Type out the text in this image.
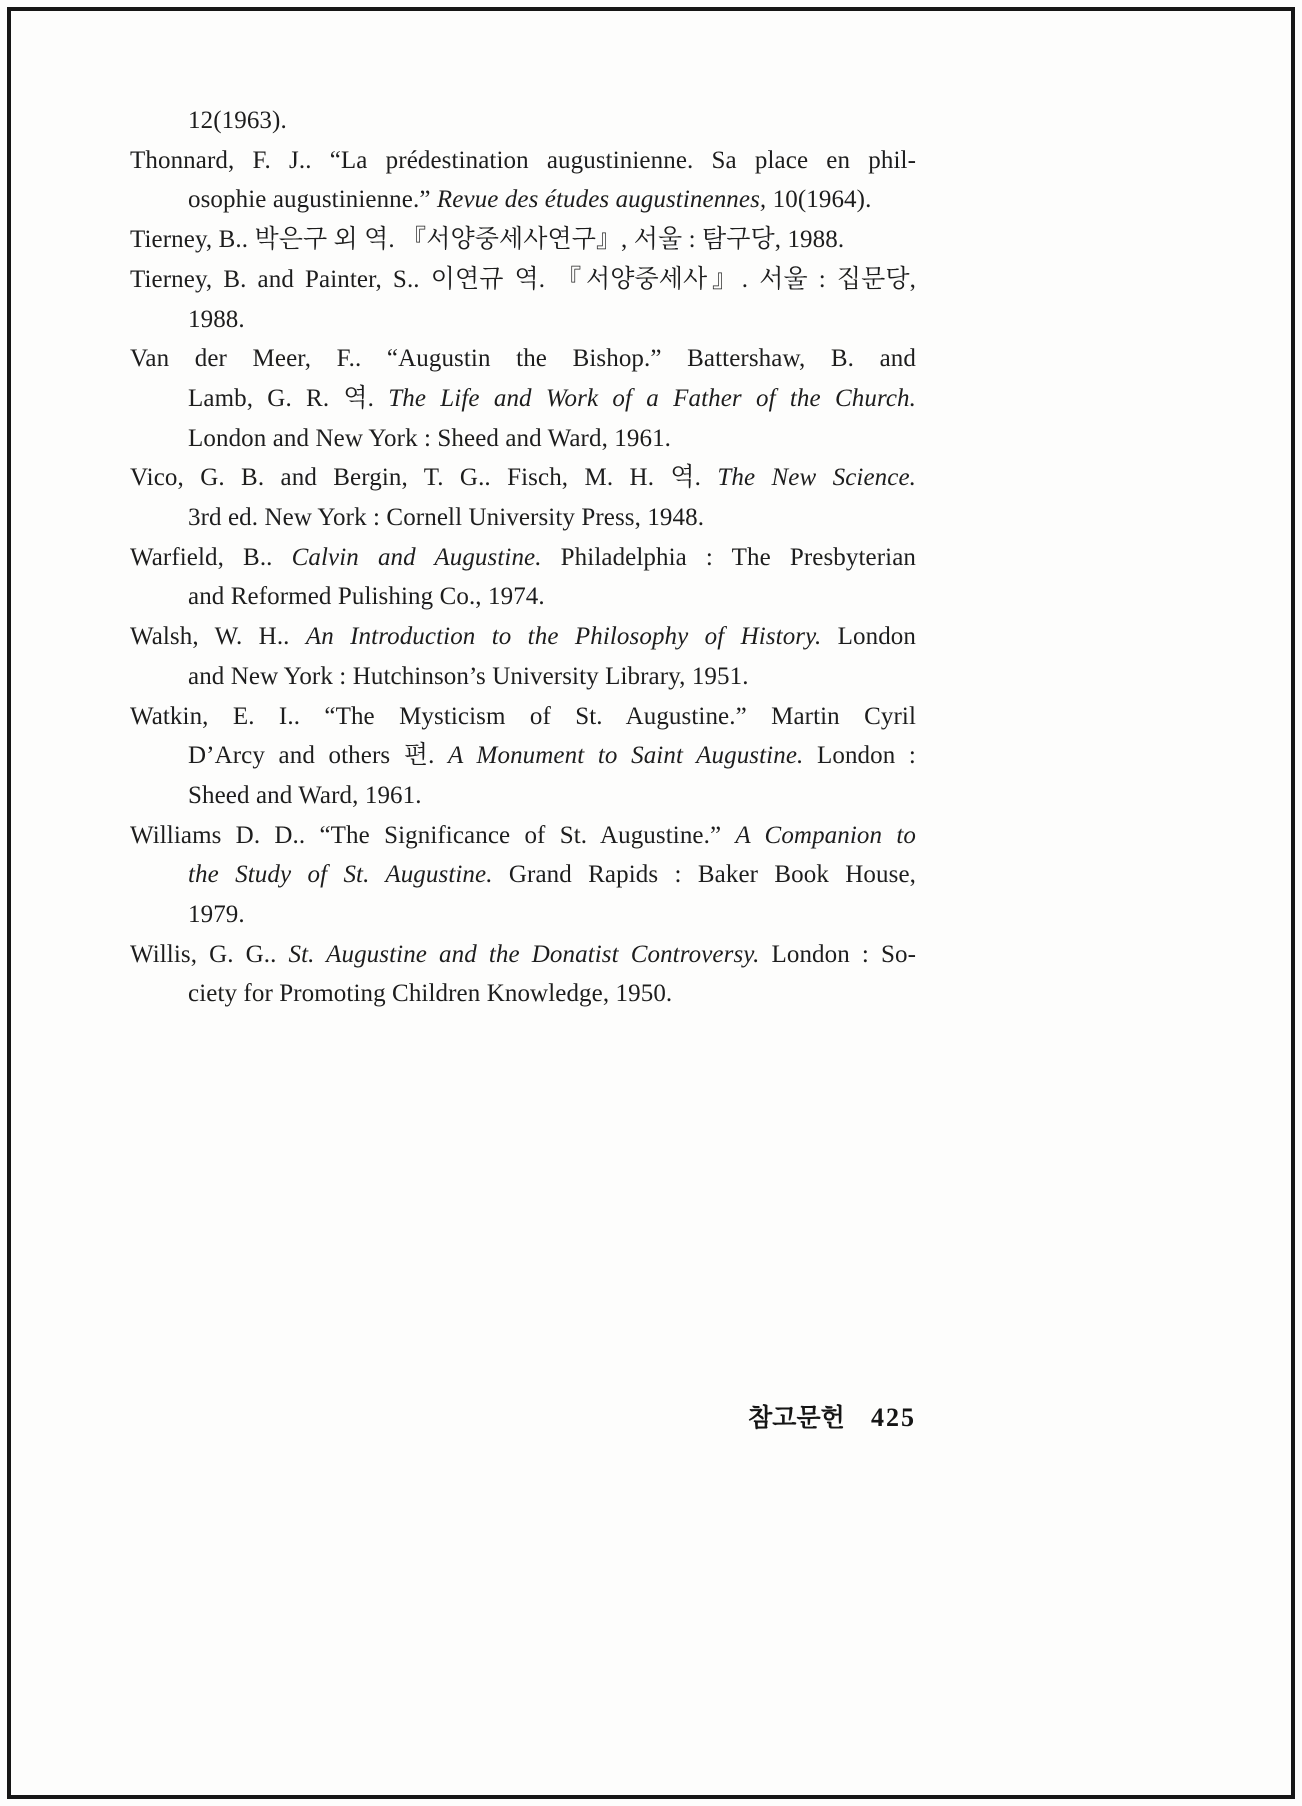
12(1963).
Thonnard, F. J.. “La prédestination augustinienne. Sa place en phil-
osophie augustinienne.” Revue des études augustinennes, 10(1964).
Tierney, B.. 박은구 외 역. 『서양중세사연구』, 서울 : 탐구당, 1988.
Tierney, B. and Painter, S.. 이연규 역. 『서양중세사』. 서울 : 집문당,
1988.
Van der Meer, F.. “Augustin the Bishop.” Battershaw, B. and
Lamb, G. R. 역. The Life and Work of a Father of the Church.
London and New York : Sheed and Ward, 1961.
Vico, G. B. and Bergin, T. G.. Fisch, M. H. 역. The New Science.
3rd ed. New York : Cornell University Press, 1948.
Warfield, B.. Calvin and Augustine. Philadelphia : The Presbyterian
and Reformed Pulishing Co., 1974.
Walsh, W. H.. An Introduction to the Philosophy of History. London
and New York : Hutchinson’s University Library, 1951.
Watkin, E. I.. “The Mysticism of St. Augustine.” Martin Cyril
D’Arcy and others 편. A Monument to Saint Augustine. London :
Sheed and Ward, 1961.
Williams D. D.. “The Significance of St. Augustine.” A Companion to
the Study of St. Augustine. Grand Rapids : Baker Book House,
1979.
Willis, G. G.. St. Augustine and the Donatist Controversy. London : So-
ciety for Promoting Children Knowledge, 1950.
참고문헌 425
